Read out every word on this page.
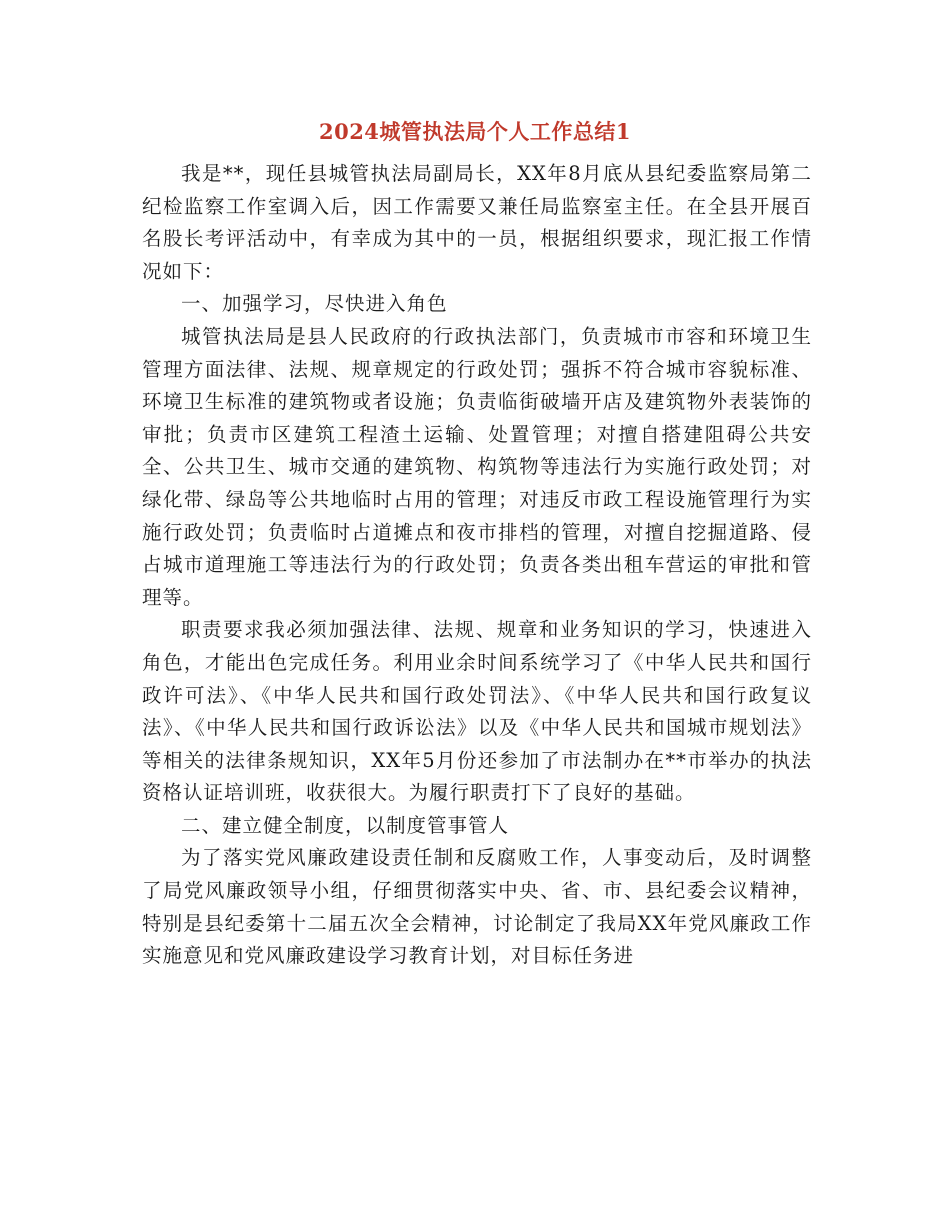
2024城管执法局个人工作总结1

我是**，现任县城管执法局副局长，XX年8月底从县纪委监察局第二纪检监察工作室调入后，因工作需要又兼任局监察室主任。在全县开展百名股长考评活动中，有幸成为其中的一员，根据组织要求，现汇报工作情况如下：

一、加强学习，尽快进入角色

城管执法局是县人民政府的行政执法部门，负责城市市容和环境卫生管理方面法律、法规、规章规定的行政处罚；强拆不符合城市容貌标准、环境卫生标准的建筑物或者设施；负责临街破墙开店及建筑物外表装饰的审批；负责市区建筑工程渣土运输、处置管理；对擅自搭建阻碍公共安全、公共卫生、城市交通的建筑物、构筑物等违法行为实施行政处罚；对绿化带、绿岛等公共地临时占用的管理；对违反市政工程设施管理行为实施行政处罚；负责临时占道摊点和夜市排档的管理，对擅自挖掘道路、侵占城市道理施工等违法行为的行政处罚；负责各类出租车营运的审批和管理等。

职责要求我必须加强法律、法规、规章和业务知识的学习，快速进入角色，才能出色完成任务。利用业余时间系统学习了《中华人民共和国行政许可法》、《中华人民共和国行政处罚法》、《中华人民共和国行政复议法》、《中华人民共和国行政诉讼法》以及《中华人民共和国城市规划法》等相关的法律条规知识，XX年5月份还参加了市法制办在**市举办的执法资格认证培训班，收获很大。为履行职责打下了良好的基础。

二、建立健全制度，以制度管事管人

为了落实党风廉政建设责任制和反腐败工作，人事变动后，及时调整了局党风廉政领导小组，仔细贯彻落实中央、省、市、县纪委会议精神，特别是县纪委第十二届五次全会精神，讨论制定了我局XX年党风廉政工作实施意见和党风廉政建设学习教育计划，对目标任务进
